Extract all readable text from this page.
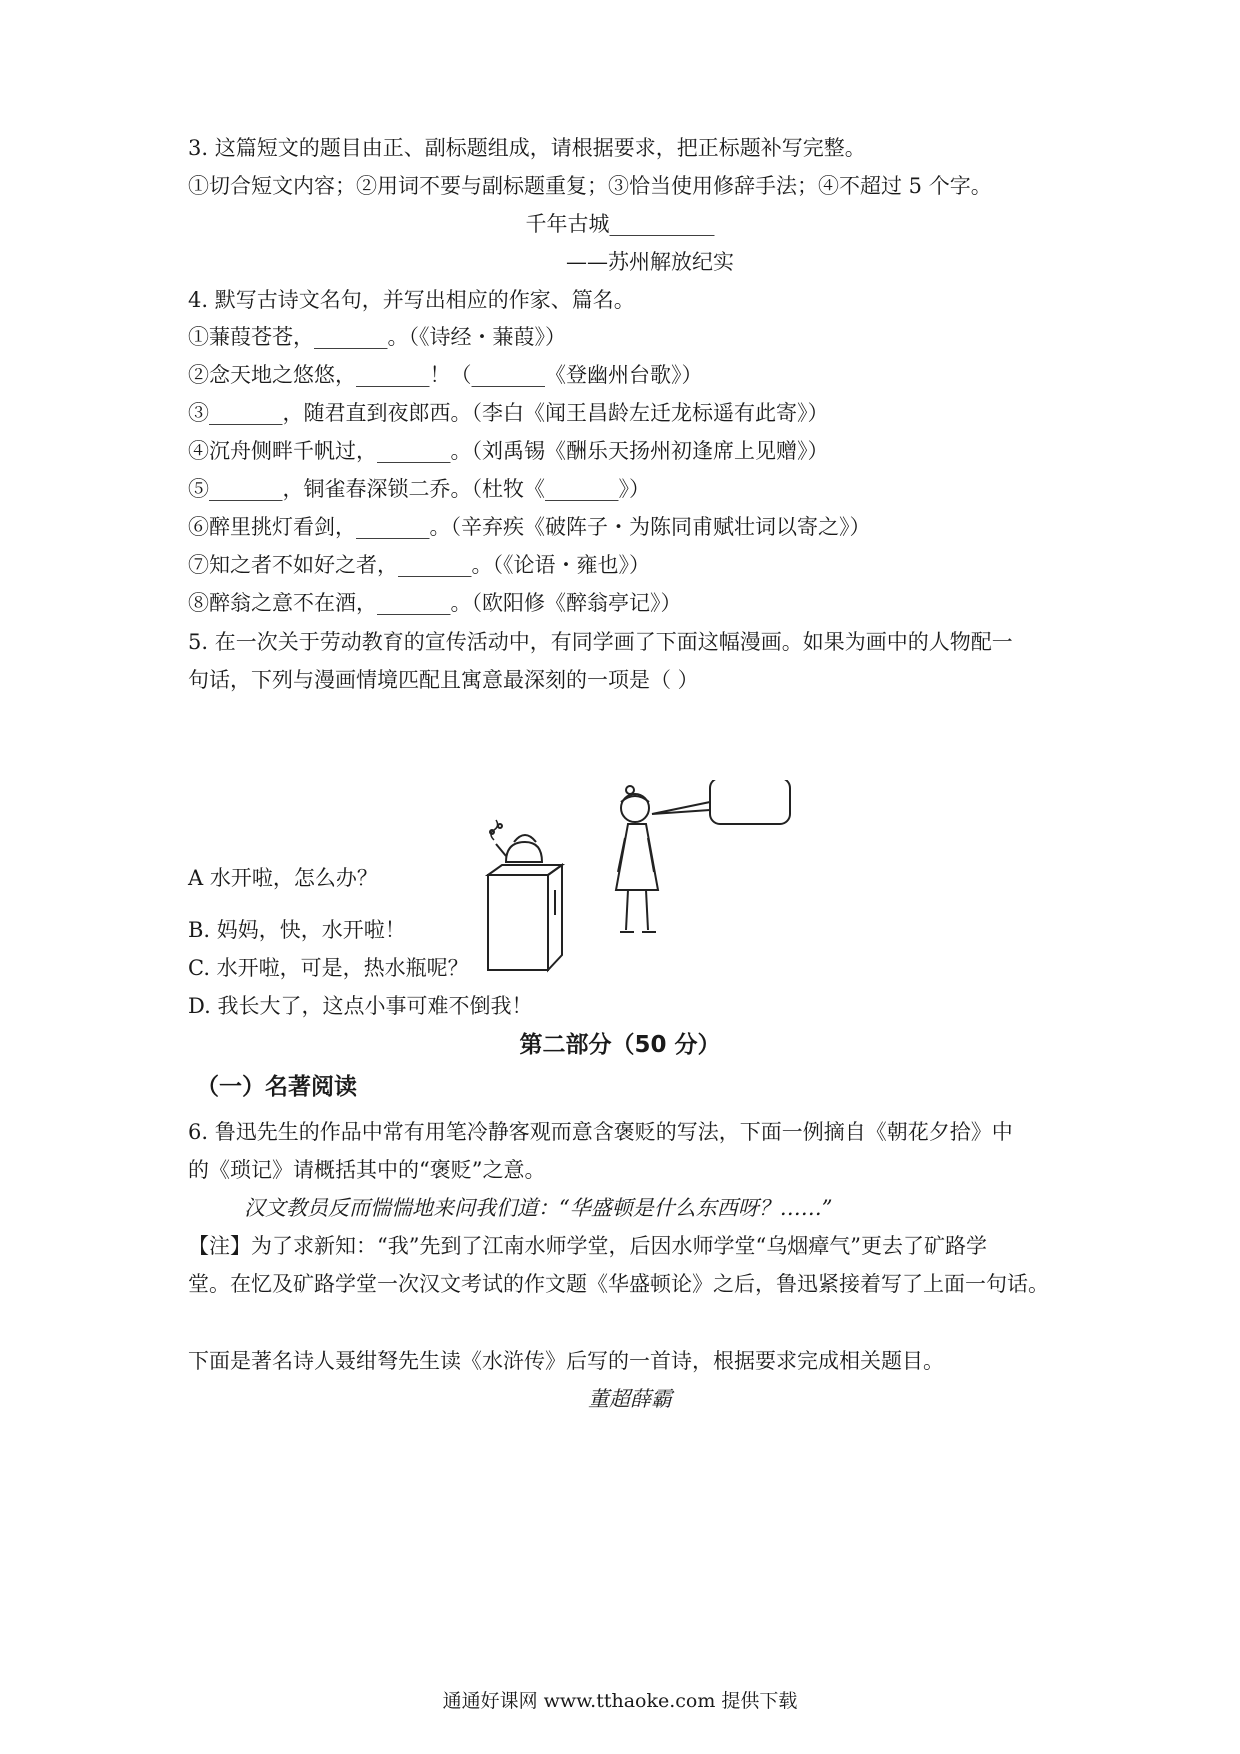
3. 这篇短文的题目由正、副标题组成，请根据要求，把正标题补写完整。
①切合短文内容；②用词不要与副标题重复；③恰当使用修辞手法；④不超过 5 个字。
千年古城__________
——苏州解放纪实
4. 默写古诗文名句，并写出相应的作家、篇名。
①蒹葭苍苍，_______。（《诗经・蒹葭》）
②念天地之悠悠，_______！（_______《登幽州台歌》）
③_______，随君直到夜郎西。（李白《闻王昌龄左迁龙标遥有此寄》）
④沉舟侧畔千帆过，_______。（刘禹锡《酬乐天扬州初逢席上见赠》）
⑤_______，铜雀春深锁二乔。（杜牧《_______》）
⑥醉里挑灯看剑，_______。（辛弃疾《破阵子・为陈同甫赋壮词以寄之》）
⑦知之者不如好之者，_______。（《论语・雍也》）
⑧醉翁之意不在酒，_______。（欧阳修《醉翁亭记》）
5. 在一次关于劳动教育的宣传活动中，有同学画了下面这幅漫画。如果为画中的人物配一
句话，下列与漫画情境匹配且寓意最深刻的一项是（ ）
A 水开啦，怎么办？
B. 妈妈，快，水开啦！
C. 水开啦，可是，热水瓶呢？
D. 我长大了，这点小事可难不倒我！
第二部分（50 分）
（一）名著阅读
6. 鲁迅先生的作品中常有用笔冷静客观而意含褒贬的写法，下面一例摘自《朝花夕拾》中
的《琐记》请概括其中的“褒贬”之意。
汉文教员反而惴惴地来问我们道：“华盛顿是什么东西呀？……”
【注】为了求新知：“我”先到了江南水师学堂，后因水师学堂“乌烟瘴气”更去了矿路学
堂。在忆及矿路学堂一次汉文考试的作文题《华盛顿论》之后，鲁迅紧接着写了上面一句话。
下面是著名诗人聂绀弩先生读《水浒传》后写的一首诗，根据要求完成相关题目。
董超薛霸
通通好课网 www.tthaoke.com 提供下载
